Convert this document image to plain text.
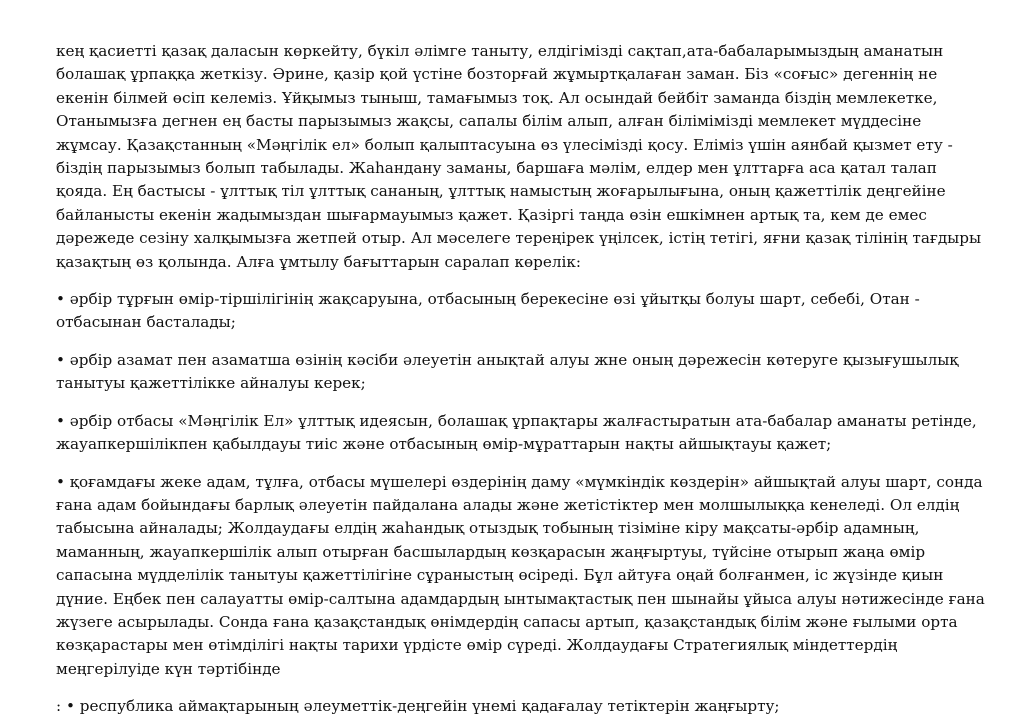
кең қасиетті қазақ даласын көркейту, бүкіл әлімге таныту, елдігімізді сақтап,ата-бабаларымыздың аманатын болашақ ұрпаққа жеткізу. Әрине, қазір қой үстіне бозторғай жұмыртқалаған заман. Біз «соғыс» дегеннің не екенін білмей өсіп келеміз. Ұйқымыз тыныш, тамағымыз тоқ. Ал осындай бейбіт заманда біздің мемлекетке, Отанымызға дегнен ең басты парызымыз жақсы, сапалы білім алып, алған білімімізді мемлекет мүддесіне жұмсау. Қазақстанның «Мәңгілік ел» болып қалыптасуына өз үлесімізді қосу. Еліміз үшін аянбай қызмет ету - біздің парызымыз болып табылады. Жаһандану заманы, баршаға мәлім, елдер мен ұлттарға аса қатал талап қояда. Ең бастысы - ұлттық тіл ұлттық сананың, ұлттық намыстың жоғарылығына, оның қажеттілік деңгейіне байланысты екенін жадымыздан шығармауымыз қажет. Қазіргі таңда өзін ешкімнен артық та, кем де емес дәрежеде сезіну халқымызға жетпей отыр. Ал мәселеге тереңірек үңілсек, істің тетігі, яғни қазақ тілінің тағдыры қазақтың өз қолында. Алға ұмтылу бағыттарын саралап көрелік:

• әрбір тұрғын өмір-тіршілігінің жақсаруына, отбасының берекесіне өзі ұйытқы болуы шарт, себебі, Отан - отбасынан басталады;

• әрбір азамат пен азаматша өзінің кәсіби әлеуетін анықтай алуы жне оның дәрежесін көтеруге қызығушылық танытуы қажеттілікке айналуы керек;

• әрбір отбасы «Мәңгілік Ел» ұлттық идеясын, болашақ ұрпақтары жалғастыратын ата-бабалар аманаты ретінде, жауапкершілікпен қабылдауы тиіс және отбасының өмір-мұраттарын нақты айшықтауы қажет;

• қоғамдағы жеке адам, тұлға, отбасы мүшелері өздерінің даму «мүмкіндік көздерін» айшықтай алуы шарт, сонда ғана адам бойындағы барлық әлеуетін пайдалана алады және жетістіктер мен молшылыққа кенеледі. Ол елдің табысына айналады; Жолдаудағы елдің жаһандық отыздық тобының тізіміне кіру мақсаты-әрбір адамның, маманның, жауапкершілік алып отырған басшылардың көзқарасын жаңғыртуы, түйсіне отырып жаңа өмір сапасына мүдделілік танытуы қажеттілігіне сұраныстың өсіреді. Бұл айтуға оңай болғанмен, іс жүзінде қиын дүние. Еңбек пен салауатты өмір-салтына адамдардың ынтымақтастық пен шынайы ұйыса алуы нәтижесінде ғана жүзеге асырылады. Сонда ғана қазақстандық өнімдердің сапасы артып, қазақстандық білім және ғылыми орта көзқарастары мен өтімділігі нақты тарихи үрдісте өмір сүреді. Жолдаудағы Стратегиялық міндеттердің меңгерілуіде күн тәртібінде

: • республика аймақтарының әлеуметтік-деңгейін үнемі қадағалау тетіктерін жаңғырту;
